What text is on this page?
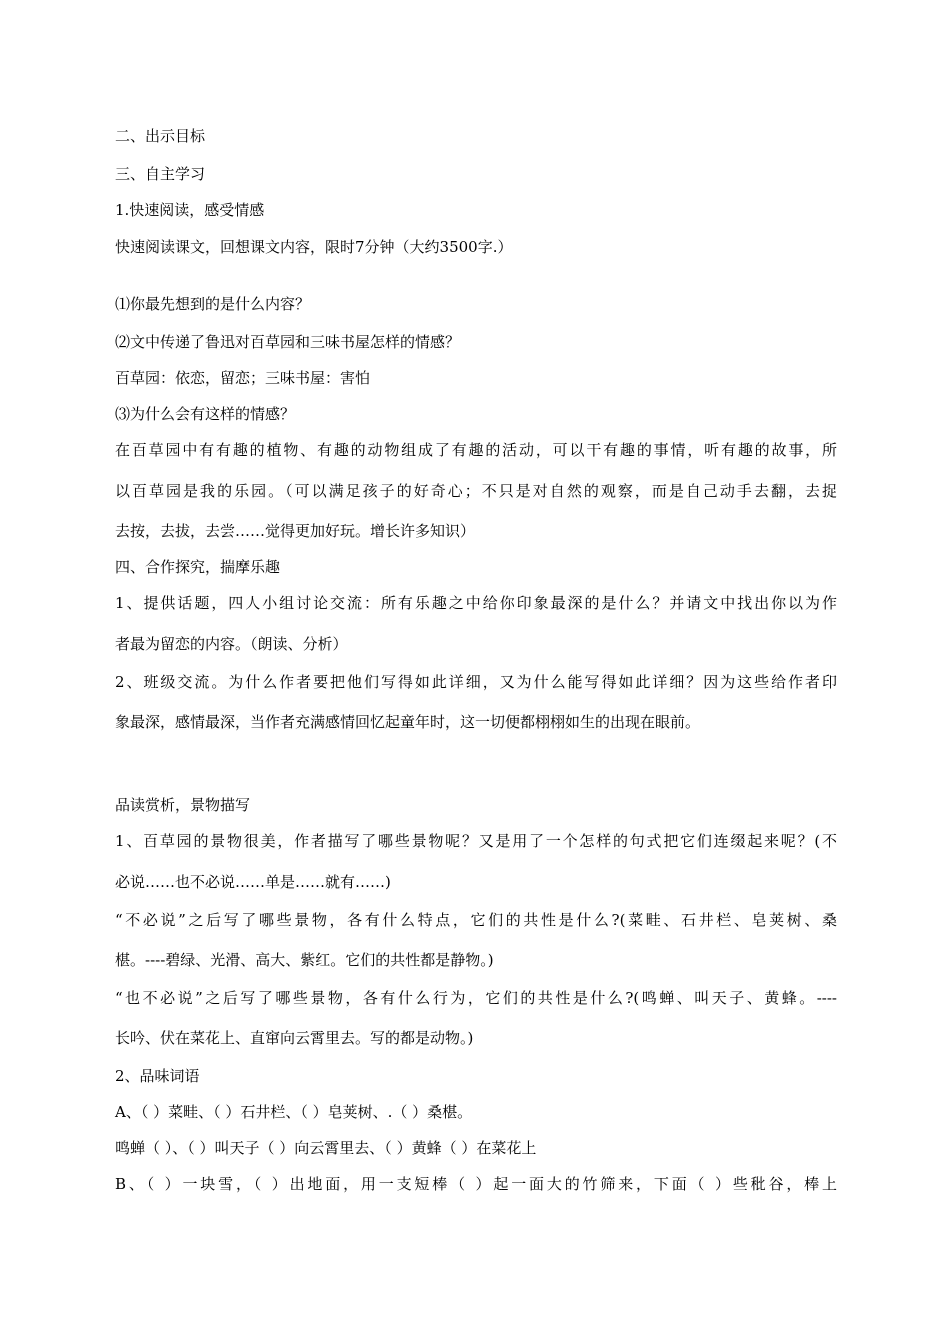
二、出示目标
三、自主学习
1.快速阅读，感受情感
快速阅读课文，回想课文内容，限时7分钟（大约3500字.）
⑴你最先想到的是什么内容？
⑵文中传递了鲁迅对百草园和三味书屋怎样的情感？
百草园：依恋，留恋；三味书屋：害怕
⑶为什么会有这样的情感？
在百草园中有有趣的植物、有趣的动物组成了有趣的活动，可以干有趣的事情，听有趣的故事，所
以百草园是我的乐园。（可以满足孩子的好奇心；不只是对自然的观察，而是自己动手去翻，去捉
去按，去拔，去尝……觉得更加好玩。增长许多知识）
四、合作探究，揣摩乐趣
1、提供话题，四人小组讨论交流：所有乐趣之中给你印象最深的是什么？并请文中找出你以为作
者最为留恋的内容。（朗读、分析）
2、班级交流。为什么作者要把他们写得如此详细，又为什么能写得如此详细？因为这些给作者印
象最深，感情最深，当作者充满感情回忆起童年时，这一切便都栩栩如生的出现在眼前。
品读赏析，景物描写
1、百草园的景物很美，作者描写了哪些景物呢？又是用了一个怎样的句式把它们连缀起来呢？(不
必说……也不必说……单是……就有……)
“不必说”之后写了哪些景物，各有什么特点，它们的共性是什么?(菜畦、石井栏、皂荚树、桑
椹。----碧绿、光滑、高大、紫红。它们的共性都是静物。)
“也不必说”之后写了哪些景物，各有什么行为，它们的共性是什么?(鸣蝉、叫天子、黄蜂。----
长吟、伏在菜花上、直窜向云霄里去。写的都是动物。)
2、品味词语
A、（ ）菜畦、（ ）石井栏、（ ）皂荚树、.（ ）桑椹。
鸣蝉（ ）、（ ）叫天子（ ）向云霄里去、（ ）黄蜂（ ）在菜花上
B、（ ）一块雪，（ ）出地面，用一支短棒（ ）起一面大的竹筛来，下面（ ）些秕谷，棒上
